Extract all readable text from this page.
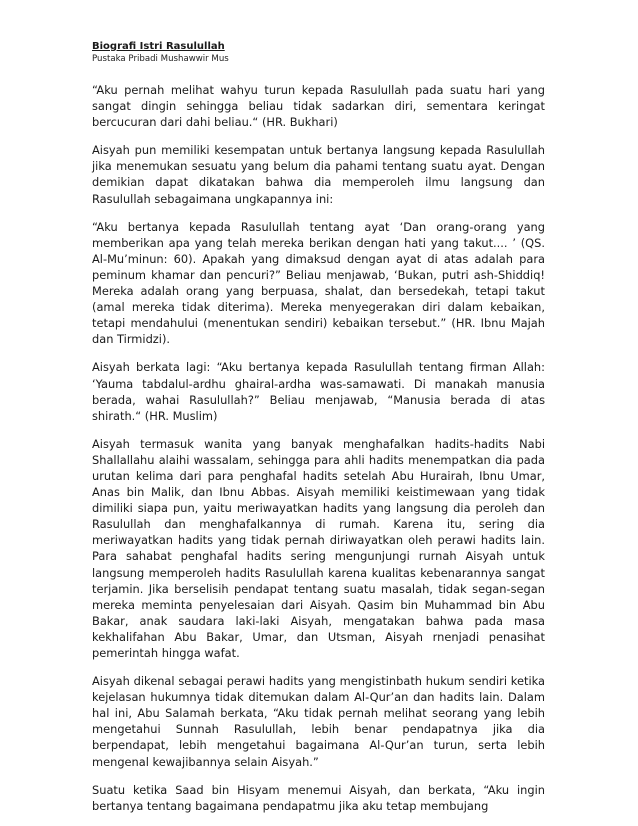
Biografi Istri Rasulullah

Pustaka Pribadi Mushawwir Mus

“Aku pernah melihat wahyu turun kepada Rasulullah pada suatu hari yang sangat dingin sehingga beliau tidak sadarkan diri, sementara keringat bercucuran dari dahi beliau.“ (HR. Bukhari)

Aisyah pun memiliki kesempatan untuk bertanya langsung kepada Rasulullah jika menemukan sesuatu yang belum dia pahami tentang suatu ayat. Dengan demikian dapat dikatakan bahwa dia memperoleh ilmu langsung dan Rasulullah sebagaimana ungkapannya ini:

“Aku bertanya kepada Rasulullah tentang ayat ‘Dan orang-orang yang memberikan apa yang telah mereka berikan dengan hati yang takut.... ’ (QS. Al-Mu’minun: 60). Apakah yang dimaksud dengan ayat di atas adalah para peminum khamar dan pencuri?” Beliau menjawab, ‘Bukan, putri ash-Shiddiq! Mereka adalah orang yang berpuasa, shalat, dan bersedekah, tetapi takut (amal mereka tidak diterima). Mereka menyegerakan diri dalam kebaikan, tetapi mendahului (menentukan sendiri) kebaikan tersebut.” (HR. Ibnu Majah dan Tirmidzi).

Aisyah berkata lagi: “Aku bertanya kepada Rasulullah tentang firman Allah: ‘Yauma tabdalul-ardhu ghairal-ardha was-samawati. Di manakah manusia berada, wahai Rasulullah?” Beliau menjawab, “Manusia berada di atas shirath.“ (HR. Muslim)

Aisyah termasuk wanita yang banyak menghafalkan hadits-hadits Nabi Shallallahu alaihi wassalam, sehingga para ahli hadits menempatkan dia pada urutan kelima dari para penghafal hadits setelah Abu Hurairah, Ibnu Umar, Anas bin Malik, dan Ibnu Abbas. Aisyah memiliki keistimewaan yang tidak dimiliki siapa pun, yaitu meriwayatkan hadits yang langsung dia peroleh dan Rasulullah dan menghafalkannya di rumah. Karena itu, sering dia meriwayatkan hadits yang tidak pernah diriwayatkan oleh perawi hadits lain. Para sahabat penghafal hadits sering mengunjungi rurnah Aisyah untuk langsung memperoleh hadits Rasulullah karena kualitas kebenarannya sangat terjamin. Jika berselisih pendapat tentang suatu masalah, tidak segan-segan mereka meminta penyelesaian dari Aisyah. Qasim bin Muhammad bin Abu Bakar, anak saudara laki-laki Aisyah, mengatakan bahwa pada masa kekhalifahan Abu Bakar, Umar, dan Utsman, Aisyah rnenjadi penasihat pemerintah hingga wafat.

Aisyah dikenal sebagai perawi hadits yang mengistinbath hukum sendiri ketika kejelasan hukumnya tidak ditemukan dalam Al-Qur’an dan hadits lain. Dalam hal ini, Abu Salamah berkata, “Aku tidak pernah melihat seorang yang lebih mengetahui Sunnah Rasulullah, lebih benar pendapatnya jika dia berpendapat, lebih mengetahui bagaimana Al-Qur’an turun, serta lebih mengenal kewajibannya selain Aisyah.”

Suatu ketika Saad bin Hisyam menemui Aisyah, dan berkata, “Aku ingin bertanya tentang bagaimana pendapatmu jika aku tetap membujang
